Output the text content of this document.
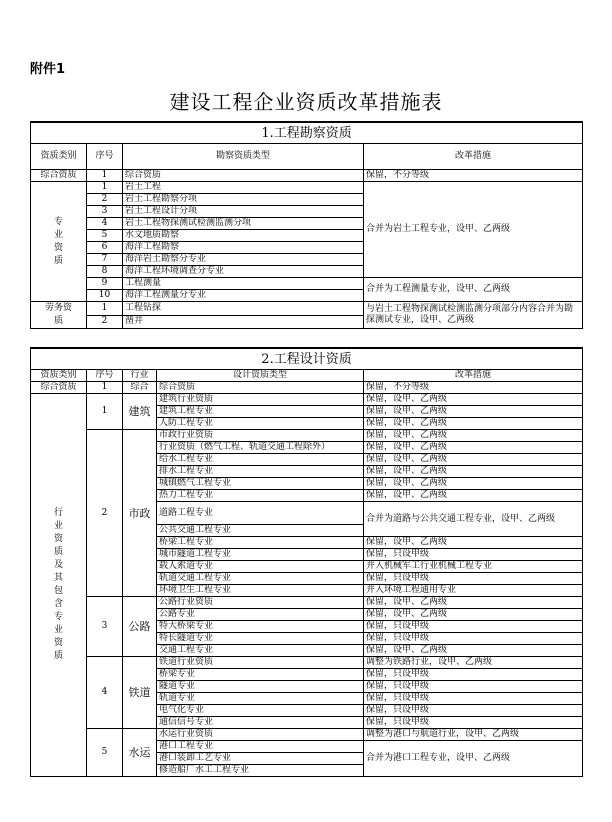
附件1
建设工程企业资质改革措施表
1.工程勘察资质			
资质类别	序号	勘察资质类型	改革措施
综合资质	1	综合资质	保留，不分等级
专业资质	1	岩土工程	合并为岩土工程专业，设甲、乙两级
	2	岩土工程勘察分项	
	3	岩土工程设计分项	
	4	岩土工程物探测试检测监测分项	
	5	水文地质勘察	
	6	海洋工程勘察	
	7	海洋岩土勘察分专业	
	8	海洋工程环境调查分专业	
	9	工程测量	合并为工程测量专业，设甲、乙两级
	10	海洋工程测量分专业	
劳务资质	1	工程钻探	与岩土工程物探测试检测监测分项部分内容合并为勘探测试专业，设甲、乙两级
	2	凿井	
2.工程设计资质				
资质类别	序号	行业	设计资质类型	改革措施
综合资质	1	综合	综合资质	保留，不分等级
行业资质及其包含专业资质	1	建筑	建筑行业资质	保留，设甲、乙两级
			建筑工程专业	保留，设甲、乙两级
			人防工程专业	保留，设甲、乙两级
	2	市政	市政行业资质	保留，设甲、乙两级
			行业资质（燃气工程、轨道交通工程除外）	保留，设甲、乙两级
			给水工程专业	保留，设甲、乙两级
			排水工程专业	保留，设甲、乙两级
			城镇燃气工程专业	保留，设甲、乙两级
			热力工程专业	保留，设甲、乙两级
			道路工程专业	合并为道路与公共交通工程专业，设甲、乙两级
			公共交通工程专业	
			桥梁工程专业	保留，设甲、乙两级
			城市隧道工程专业	保留，只设甲级
			载人索道专业	并入机械军工行业机械工程专业
			轨道交通工程专业	保留，只设甲级
			环境卫生工程专业	并入环境工程通用专业
	3	公路	公路行业资质	保留，设甲、乙两级
			公路专业	保留，设甲、乙两级
			特大桥梁专业	保留，只设甲级
			特长隧道专业	保留，只设甲级
			交通工程专业	保留，设甲、乙两级
	4	铁道	铁道行业资质	调整为铁路行业，设甲、乙两级
			桥梁专业	保留，只设甲级
			隧道专业	保留，只设甲级
			轨道专业	保留，只设甲级
			电气化专业	保留，只设甲级
			通信信号专业	保留，只设甲级
	5	水运	水运行业资质	调整为港口与航道行业，设甲、乙两级
			港口工程专业	合并为港口工程专业，设甲、乙两级
			港口装卸工艺专业	
			修造船厂水工工程专业	
